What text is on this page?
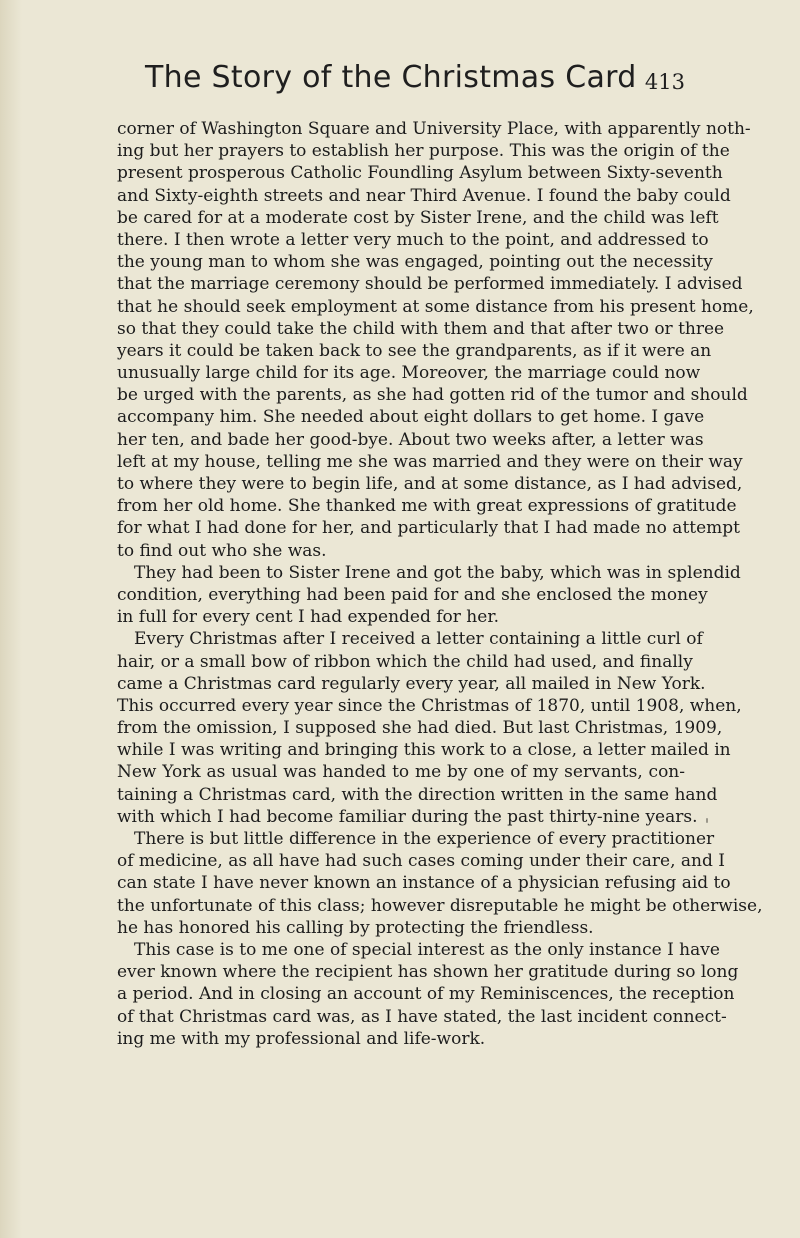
The Story of the Christmas Card 413
corner of Washington Square and University Place, with apparently noth-
ing but her prayers to establish her purpose. This was the origin of the
present prosperous Catholic Foundling Asylum between Sixty-seventh
and Sixty-eighth streets and near Third Avenue. I found the baby could
be cared for at a moderate cost by Sister Irene, and the child was left
there. I then wrote a letter very much to the point, and addressed to
the young man to whom she was engaged, pointing out the necessity
that the marriage ceremony should be performed immediately. I advised
that he should seek employment at some distance from his present home,
so that they could take the child with them and that after two or three
years it could be taken back to see the grandparents, as if it were an
unusually large child for its age. Moreover, the marriage could now
be urged with the parents, as she had gotten rid of the tumor and should
accompany him. She needed about eight dollars to get home. I gave
her ten, and bade her good-bye. About two weeks after, a letter was
left at my house, telling me she was married and they were on their way
to where they were to begin life, and at some distance, as I had advised,
from her old home. She thanked me with great expressions of gratitude
for what I had done for her, and particularly that I had made no attempt
to find out who she was.
They had been to Sister Irene and got the baby, which was in splendid
condition, everything had been paid for and she enclosed the money
in full for every cent I had expended for her.
Every Christmas after I received a letter containing a little curl of
hair, or a small bow of ribbon which the child had used, and finally
came a Christmas card regularly every year, all mailed in New York.
This occurred every year since the Christmas of 1870, until 1908, when,
from the omission, I supposed she had died. But last Christmas, 1909,
while I was writing and bringing this work to a close, a letter mailed in
New York as usual was handed to me by one of my servants, con-
taining a Christmas card, with the direction written in the same hand
with which I had become familiar during the past thirty-nine years.
There is but little difference in the experience of every practitioner
of medicine, as all have had such cases coming under their care, and I
can state I have never known an instance of a physician refusing aid to
the unfortunate of this class; however disreputable he might be otherwise,
he has honored his calling by protecting the friendless.
This case is to me one of special interest as the only instance I have
ever known where the recipient has shown her gratitude during so long
a period. And in closing an account of my Reminiscences, the reception
of that Christmas card was, as I have stated, the last incident connect-
ing me with my professional and life-work.
